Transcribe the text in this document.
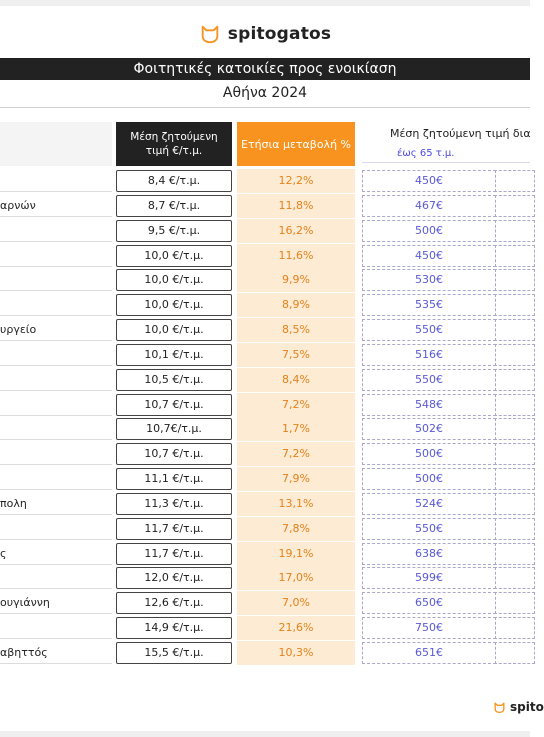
spitogatos
Φοιτητικές κατοικίες προς ενοικίαση
Αθήνα 2024
Μέση ζητούμενη τιμή €/τ.μ.
Ετήσια μεταβολή %
Μέση ζητούμενη τιμή δια
έως 65 τ.μ.
8,4 €/τ.μ.	12,2%	450€
αρνών	8,7 €/τ.μ.	11,8%	467€
9,5 €/τ.μ.	16,2%	500€
10,0 €/τ.μ.	11,6%	450€
10,0 €/τ.μ.	9,9%	530€
10,0 €/τ.μ.	8,9%	535€
υργείο	10,0 €/τ.μ.	8,5%	550€
10,1 €/τ.μ.	7,5%	516€
10,5 €/τ.μ.	8,4%	550€
10,7 €/τ.μ.	7,2%	548€
10,7€/τ.μ.	1,7%	502€
10,7 €/τ.μ.	7,2%	500€
11,1 €/τ.μ.	7,9%	500€
πολη	11,3 €/τ.μ.	13,1%	524€
11,7 €/τ.μ.	7,8%	550€
ς	11,7 €/τ.μ.	19,1%	638€
12,0 €/τ.μ.	17,0%	599€
ουγιάννη	12,6 €/τ.μ.	7,0%	650€
14,9 €/τ.μ.	21,6%	750€
αβηττός	15,5 €/τ.μ.	10,3%	651€
spito
